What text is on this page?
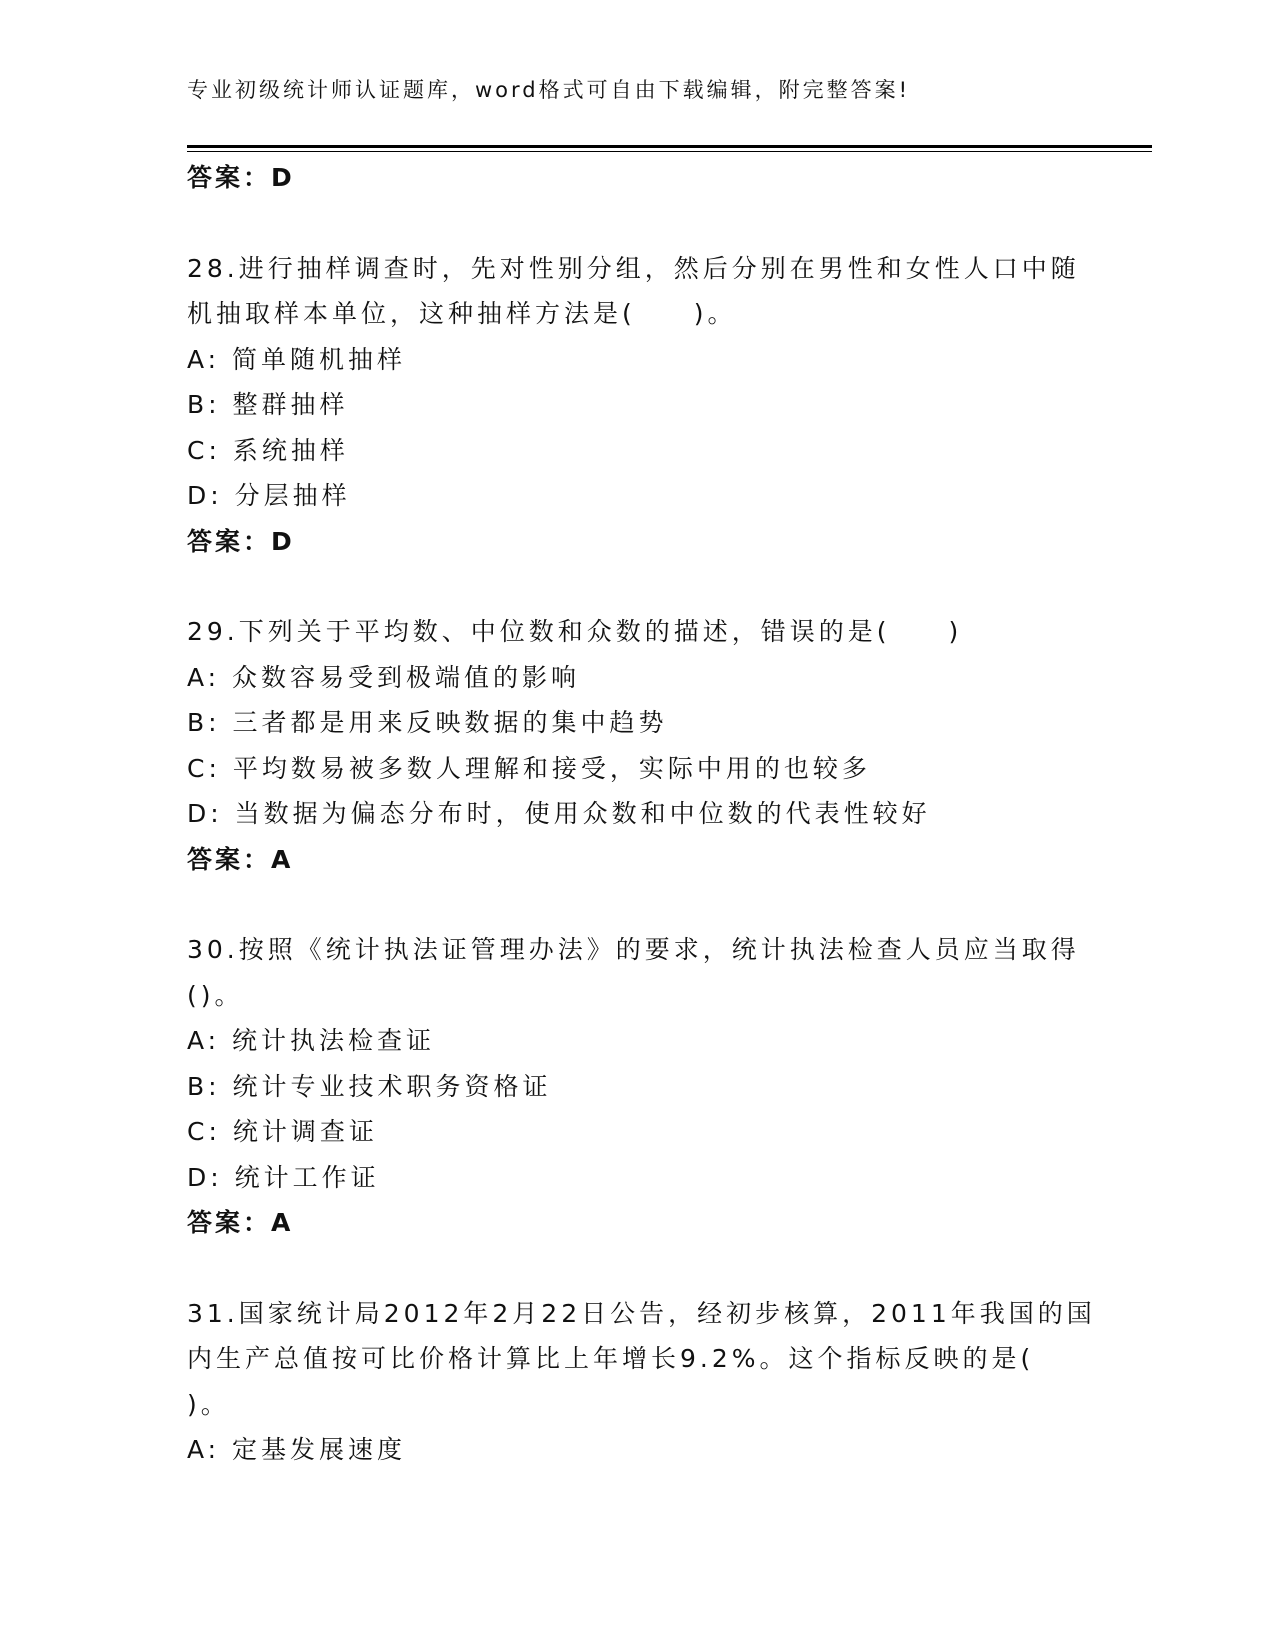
专业初级统计师认证题库，word格式可自由下载编辑，附完整答案!
答案：D
28.进行抽样调查时，先对性别分组，然后分别在男性和女性人口中随
机抽取样本单位，这种抽样方法是(　　)。
A: 简单随机抽样
B: 整群抽样
C: 系统抽样
D: 分层抽样
答案：D
29.下列关于平均数、中位数和众数的描述，错误的是(　　)
A: 众数容易受到极端值的影响
B: 三者都是用来反映数据的集中趋势
C: 平均数易被多数人理解和接受，实际中用的也较多
D: 当数据为偏态分布时，使用众数和中位数的代表性较好
答案：A
30.按照《统计执法证管理办法》的要求，统计执法检查人员应当取得
()。
A: 统计执法检查证
B: 统计专业技术职务资格证
C: 统计调查证
D: 统计工作证
答案：A
31.国家统计局2012年2月22日公告，经初步核算，2011年我国的国
内生产总值按可比价格计算比上年增长9.2%。这个指标反映的是(
)。
A: 定基发展速度
